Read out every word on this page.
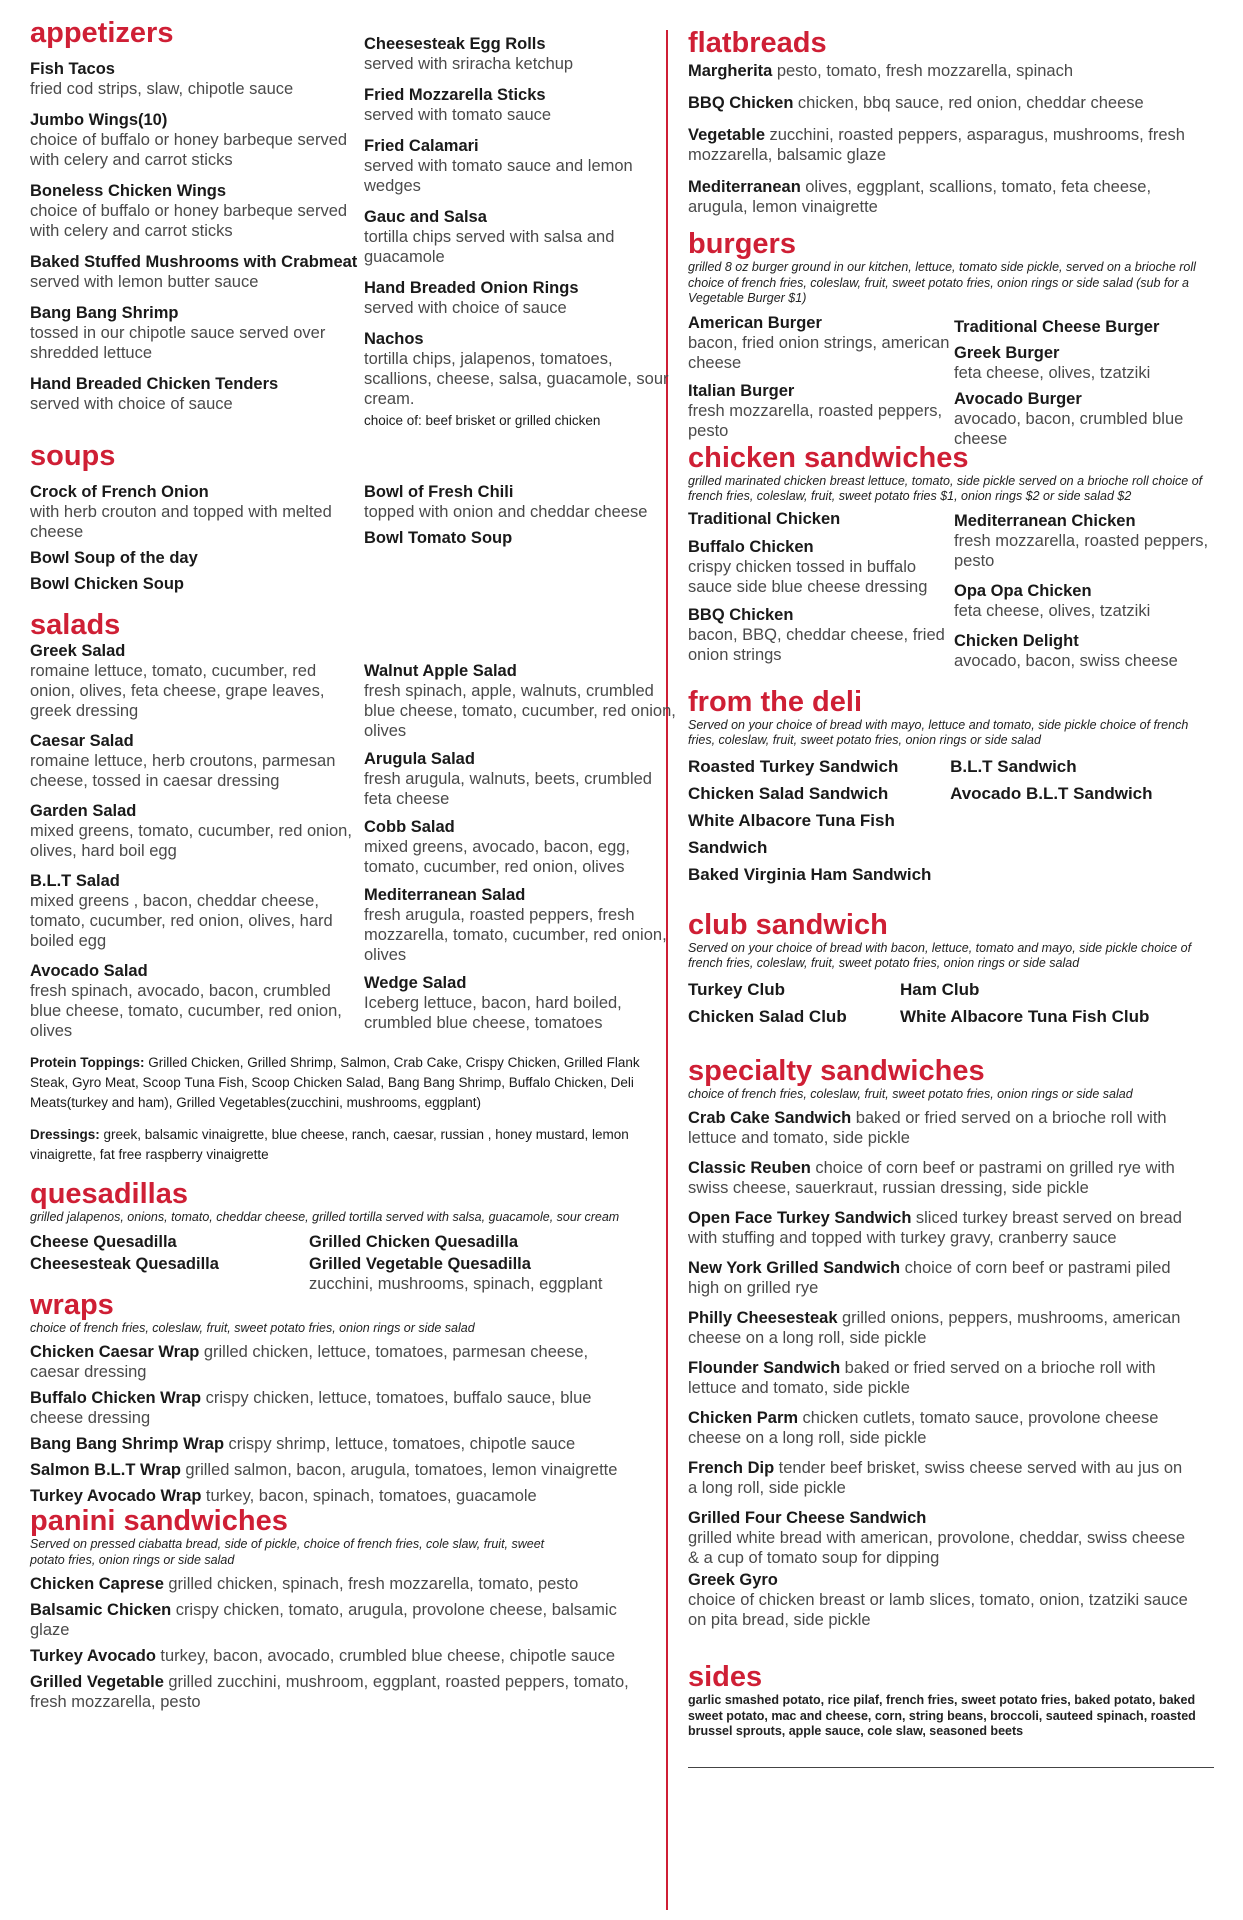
appetizers
Fish Tacos
fried cod strips, slaw, chipotle sauce
Jumbo Wings(10)
choice of buffalo or honey barbeque served with celery and carrot sticks
Boneless Chicken Wings
choice of buffalo or honey barbeque served with celery and carrot sticks
Baked Stuffed Mushrooms with Crabmeat
served with lemon butter sauce
Bang Bang Shrimp
tossed in our chipotle sauce served over shredded lettuce
Hand Breaded Chicken Tenders
served with choice of sauce
Cheesesteak Egg Rolls
served with sriracha ketchup
Fried Mozzarella Sticks
served with tomato sauce
Fried Calamari
served with tomato sauce and lemon wedges
Gauc and Salsa
tortilla chips served with salsa and guacamole
Hand Breaded Onion Rings
served with choice of sauce
Nachos
tortilla chips, jalapenos, tomatoes, scallions, cheese, salsa, guacamole, sour cream.
choice of: beef brisket or grilled chicken
soups
Crock of French Onion
with herb crouton and topped with melted cheese
Bowl Soup of the day
Bowl Chicken Soup
Bowl of Fresh Chili
topped with onion and cheddar cheese
Bowl Tomato Soup
salads
Greek Salad
romaine lettuce, tomato, cucumber, red onion, olives, feta cheese, grape leaves, greek dressing
Caesar Salad
romaine lettuce, herb croutons, parmesan cheese, tossed in caesar dressing
Garden Salad
mixed greens, tomato, cucumber, red onion, olives, hard boil egg
B.L.T Salad
mixed greens , bacon, cheddar cheese, tomato, cucumber, red onion, olives, hard boiled egg
Avocado Salad
fresh spinach, avocado, bacon, crumbled blue cheese, tomato, cucumber, red onion, olives
Walnut Apple Salad
fresh spinach, apple, walnuts, crumbled blue cheese, tomato, cucumber, red onion, olives
Arugula Salad
fresh arugula, walnuts, beets, crumbled feta cheese
Cobb Salad
mixed greens, avocado, bacon, egg, tomato, cucumber, red onion, olives
Mediterranean Salad
fresh arugula, roasted peppers, fresh mozzarella, tomato, cucumber, red onion, olives
Wedge Salad
Iceberg lettuce, bacon, hard boiled, crumbled blue cheese, tomatoes
Protein Toppings: Grilled Chicken, Grilled Shrimp, Salmon, Crab Cake, Crispy Chicken, Grilled Flank Steak, Gyro Meat, Scoop Tuna Fish, Scoop Chicken Salad, Bang Bang Shrimp, Buffalo Chicken, Deli Meats(turkey and ham), Grilled Vegetables(zucchini, mushrooms, eggplant)
Dressings: greek, balsamic vinaigrette, blue cheese, ranch, caesar, russian , honey mustard, lemon vinaigrette, fat free raspberry vinaigrette
quesadillas

grilled jalapenos, onions, tomato, cheddar cheese, grilled tortilla served with salsa, guacamole, sour cream

Cheese Quesadilla
Cheesesteak Quesadilla
Grilled Chicken Quesadilla
Grilled Vegetable Quesadilla
zucchini, mushrooms, spinach, eggplant
wraps

choice of french fries, coleslaw, fruit, sweet potato fries, onion rings or side salad

Chicken Caesar Wrap grilled chicken, lettuce, tomatoes, parmesan cheese, caesar dressing
Buffalo Chicken Wrap crispy chicken, lettuce, tomatoes, buffalo sauce, blue cheese dressing
Bang Bang Shrimp Wrap crispy shrimp, lettuce, tomatoes, chipotle sauce
Salmon B.L.T Wrap grilled salmon, bacon, arugula, tomatoes, lemon vinaigrette
Turkey Avocado Wrap turkey, bacon, spinach, tomatoes, guacamole
panini sandwiches

Served on pressed ciabatta bread, side of pickle, choice of french fries, cole slaw, fruit, sweet potato fries, onion rings or side salad

Chicken Caprese grilled chicken, spinach, fresh mozzarella, tomato, pesto
Balsamic Chicken crispy chicken, tomato, arugula, provolone cheese, balsamic glaze
Turkey Avocado turkey, bacon, avocado, crumbled blue cheese, chipotle sauce
Grilled Vegetable grilled zucchini, mushroom, eggplant, roasted peppers, tomato, fresh mozzarella, pesto
flatbreads
Margherita pesto, tomato, fresh mozzarella, spinach
BBQ Chicken chicken, bbq sauce, red onion, cheddar cheese
Vegetable zucchini, roasted peppers, asparagus, mushrooms, fresh mozzarella, balsamic glaze
Mediterranean olives, eggplant, scallions, tomato, feta cheese, arugula, lemon vinaigrette
burgers

grilled 8 oz burger ground in our kitchen, lettuce, tomato side pickle, served on a brioche roll choice of french fries, coleslaw, fruit, sweet potato fries, onion rings or side salad (sub for a Vegetable Burger $1)

American Burger
bacon, fried onion strings, american cheese
Italian Burger
fresh mozzarella, roasted peppers, pesto
Traditional Cheese Burger
Greek Burger
feta cheese, olives, tzatziki
Avocado Burger
avocado, bacon, crumbled blue cheese
chicken sandwiches

grilled marinated chicken breast lettuce, tomato, side pickle served on a brioche roll choice of french fries, coleslaw, fruit, sweet potato fries $1, onion rings $2 or side salad $2

Traditional Chicken
Buffalo Chicken
crispy chicken tossed in buffalo sauce side blue cheese dressing
BBQ Chicken
bacon, BBQ, cheddar cheese, fried onion strings
Mediterranean Chicken
fresh mozzarella, roasted peppers, pesto
Opa Opa Chicken
feta cheese, olives, tzatziki
Chicken Delight
avocado, bacon, swiss cheese
from the deli

Served on your choice of bread with mayo, lettuce and tomato, side pickle choice of french fries, coleslaw, fruit, sweet potato fries, onion rings or side salad

Roasted Turkey Sandwich	B.L.T Sandwich
Chicken Salad Sandwich	Avocado B.L.T Sandwich
White Albacore Tuna Fish Sandwich
Baked Virginia Ham Sandwich
club sandwich

Served on your choice of bread with bacon, lettuce, tomato and mayo, side pickle choice of french fries, coleslaw, fruit, sweet potato fries, onion rings or side salad

Turkey Club	Ham Club
Chicken Salad Club	White Albacore Tuna Fish Club
specialty sandwiches

choice of french fries, coleslaw, fruit, sweet potato fries, onion rings or side salad

Crab Cake Sandwich baked or fried served on a brioche roll with lettuce and tomato, side pickle
Classic Reuben choice of corn beef or pastrami on grilled rye with swiss cheese, sauerkraut, russian dressing, side pickle
Open Face Turkey Sandwich sliced turkey breast served on bread with stuffing and topped with turkey gravy, cranberry sauce
New York Grilled Sandwich choice of corn beef or pastrami piled high on grilled rye
Philly Cheesesteak grilled onions, peppers, mushrooms, american cheese on a long roll, side pickle
Flounder Sandwich baked or fried served on a brioche roll with lettuce and tomato, side pickle
Chicken Parm chicken cutlets, tomato sauce, provolone cheese cheese on a long roll, side pickle
French Dip tender beef brisket, swiss cheese served with au jus on a long roll, side pickle
Grilled Four Cheese Sandwich
grilled white bread with american, provolone, cheddar, swiss cheese & a cup of tomato soup for dipping
Greek Gyro
choice of chicken breast or lamb slices, tomato, onion, tzatziki sauce on pita bread, side pickle
sides

garlic smashed potato, rice pilaf, french fries, sweet potato fries, baked potato, baked sweet potato, mac and cheese, corn, string beans, broccoli, sauteed spinach, roasted brussel sprouts, apple sauce, cole slaw, seasoned beets
